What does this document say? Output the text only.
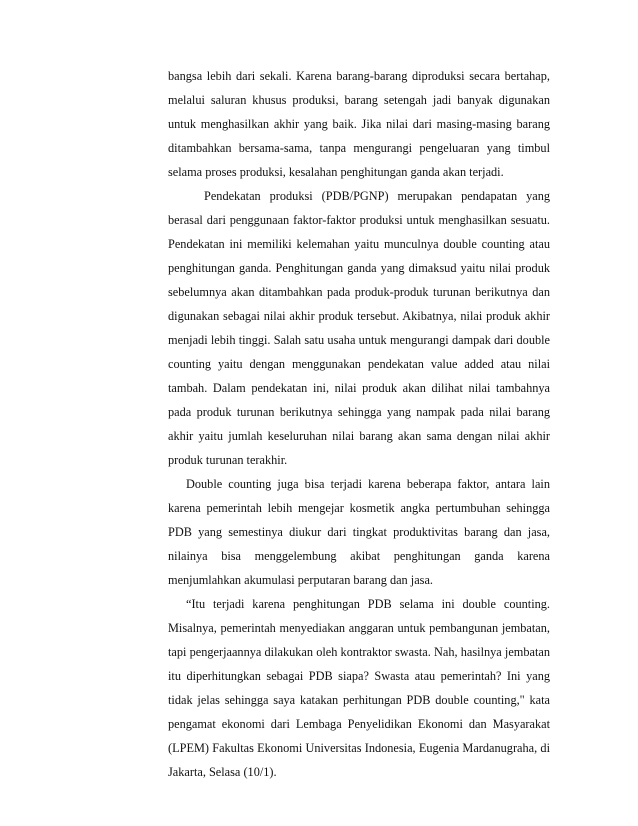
bangsa lebih dari sekali. Karena barang-barang diproduksi secara bertahap, melalui saluran khusus produksi, barang setengah jadi banyak digunakan untuk menghasilkan akhir yang baik. Jika nilai dari masing-masing barang ditambahkan bersama-sama, tanpa mengurangi pengeluaran yang timbul selama proses produksi, kesalahan penghitungan ganda akan terjadi.

Pendekatan produksi (PDB/PGNP) merupakan pendapatan yang berasal dari penggunaan faktor-faktor produksi untuk menghasilkan sesuatu. Pendekatan ini memiliki kelemahan yaitu munculnya double counting atau penghitungan ganda. Penghitungan ganda yang dimaksud yaitu nilai produk sebelumnya akan ditambahkan pada produk-produk turunan berikutnya dan digunakan sebagai nilai akhir produk tersebut. Akibatnya, nilai produk akhir menjadi lebih tinggi. Salah satu usaha untuk mengurangi dampak dari double counting yaitu dengan menggunakan pendekatan value added atau nilai tambah. Dalam pendekatan ini, nilai produk akan dilihat nilai tambahnya pada produk turunan berikutnya sehingga yang nampak pada nilai barang akhir yaitu jumlah keseluruhan nilai barang akan sama dengan nilai akhir produk turunan terakhir.

Double counting juga bisa terjadi karena beberapa faktor, antara lain karena pemerintah lebih mengejar kosmetik angka pertumbuhan sehingga PDB yang semestinya diukur dari tingkat produktivitas barang dan jasa, nilainya bisa menggelembung akibat penghitungan ganda karena menjumlahkan akumulasi perputaran barang dan jasa.

“Itu terjadi karena penghitungan PDB selama ini double counting. Misalnya, pemerintah menyediakan anggaran untuk pembangunan jembatan, tapi pengerjaannya dilakukan oleh kontraktor swasta. Nah, hasilnya jembatan itu diperhitungkan sebagai PDB siapa? Swasta atau pemerintah? Ini yang tidak jelas sehingga saya katakan perhitungan PDB double counting," kata pengamat ekonomi dari Lembaga Penyelidikan Ekonomi dan Masyarakat (LPEM) Fakultas Ekonomi Universitas Indonesia, Eugenia Mardanugraha, di Jakarta, Selasa (10/1).
